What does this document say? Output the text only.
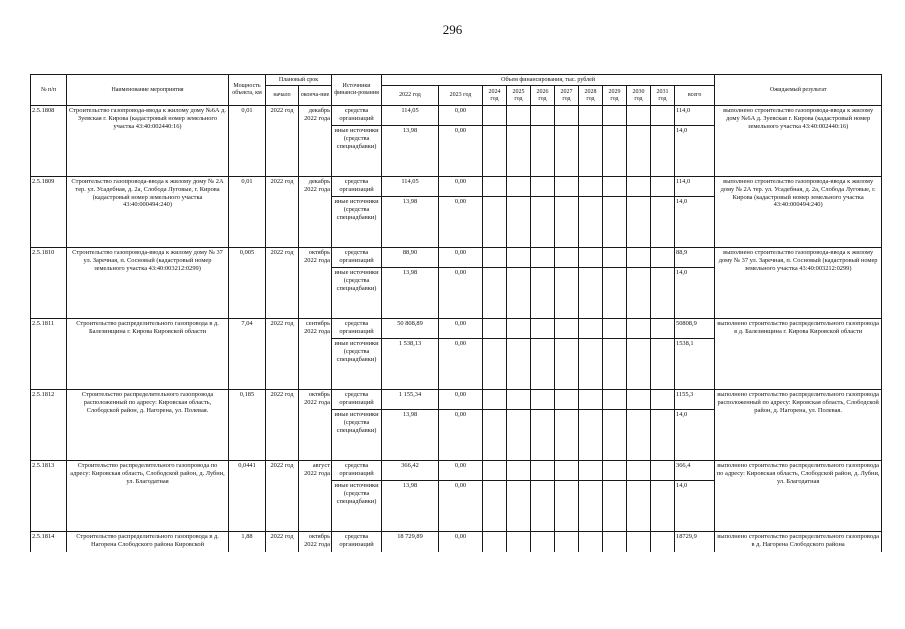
296
№ п/п	Наименование мероприятия	Мощность объекта, км	Плановый срок		Источники финанси-рования	Объем финансирования, тыс. рублей											Ожидаемый результат
			начало	оконча-ние		2022 год	2023 год	2024 год	2025 год	2026 год	2027 год	2028 год	2029 год	2030 год	2031 год	всего	
2.5.1808	Строительство газопровода-ввода к жилому дому №6А д. Зуевская г. Кирова (кадастровый номер земельного участка 43:40:002440:16)	0,01	2022 год	декабрь 2022 года	средства организаций	114,05	0,00									114,0	выполнено строительство газопровода-ввода к жилому дому №6А д. Зуевская г. Кирова (кадастровый номер земельного участка 43:40:002440:16)
					иные источники (средства спецнадбавки)	13,98	0,00									14,0	
2.5.1809	Строительство газопровода-ввода к жилому дому № 2А тер. ул. Усадебная, д. 2а, Слобода Луговые, г. Кирова (кадастровый номер земельного участка 43:40:000494:240)	0,01	2022 год	декабрь 2022 года	средства организаций	114,05	0,00									114,0	выполнено строительство газопровода-ввода к жилому дому № 2А тер. ул. Усадебная, д. 2а, Слобода Луговые, г. Кирова (кадастровый номер земельного участка 43:40:000494:240)
					иные источники (средства спецнадбавки)	13,98	0,00									14,0	
2.5.1810	Строительство газопровода-ввода к жилому дому № 37 ул. Заречная, п. Сосновый (кадастровый номер земельного участка 43:40:003212:0299)	0,005	2022 год	октябрь 2022 года	средства организаций	88,90	0,00									88,9	выполнено строительство газопровода-ввода к жилому дому № 37 ул. Заречная, п. Сосновый (кадастровый номер земельного участка 43:40:003212:0299)
					иные источники (средства спецнадбавки)	13,98	0,00									14,0	
2.5.1811	Строительство распределительного газопровода в д. Балезинщина г. Кирова Кировской области	7,04	2022 год	сентябрь 2022 года	средства организаций	50 808,89	0,00									50808,9	выполнено строительство распределительного газопровода в д. Балезинщина г. Кирова Кировской области
					иные источники (средства спецнадбавки)	1 538,13	0,00									1538,1	
2.5.1812	Строительство распределительного газопровода расположенный по адресу: Кировская область, Слободской район, д. Нагорена, ул. Полевая.	0,185	2022 год	октябрь 2022 года	средства организаций	1 155,34	0,00									1155,3	выполнено строительство распределительного газопровода расположенный по адресу: Кировская область, Слободской район, д. Нагорена, ул. Полевая.
					иные источники (средства спецнадбавки)	13,98	0,00									14,0	
2.5.1813	Строительство распределительного газопровода по адресу: Кировская область, Слободской район, д. Лубни, ул. Благодатная	0,0441	2022 год	август 2022 года	средства организаций	366,42	0,00									366,4	выполнено строительство распределительного газопровода по адресу: Кировская область, Слободской район, д. Лубни, ул. Благодатная
					иные источники (средства спецнадбавки)	13,98	0,00									14,0	
2.5.1814	Строительство распределительного газопровода в д. Нагорена Слободского района Кировской	1,88	2022 год	октябрь 2022 года	средства организаций	18 729,89	0,00									18729,9	выполнено строительство распределительного газопровода в д. Нагорена Слободского района
